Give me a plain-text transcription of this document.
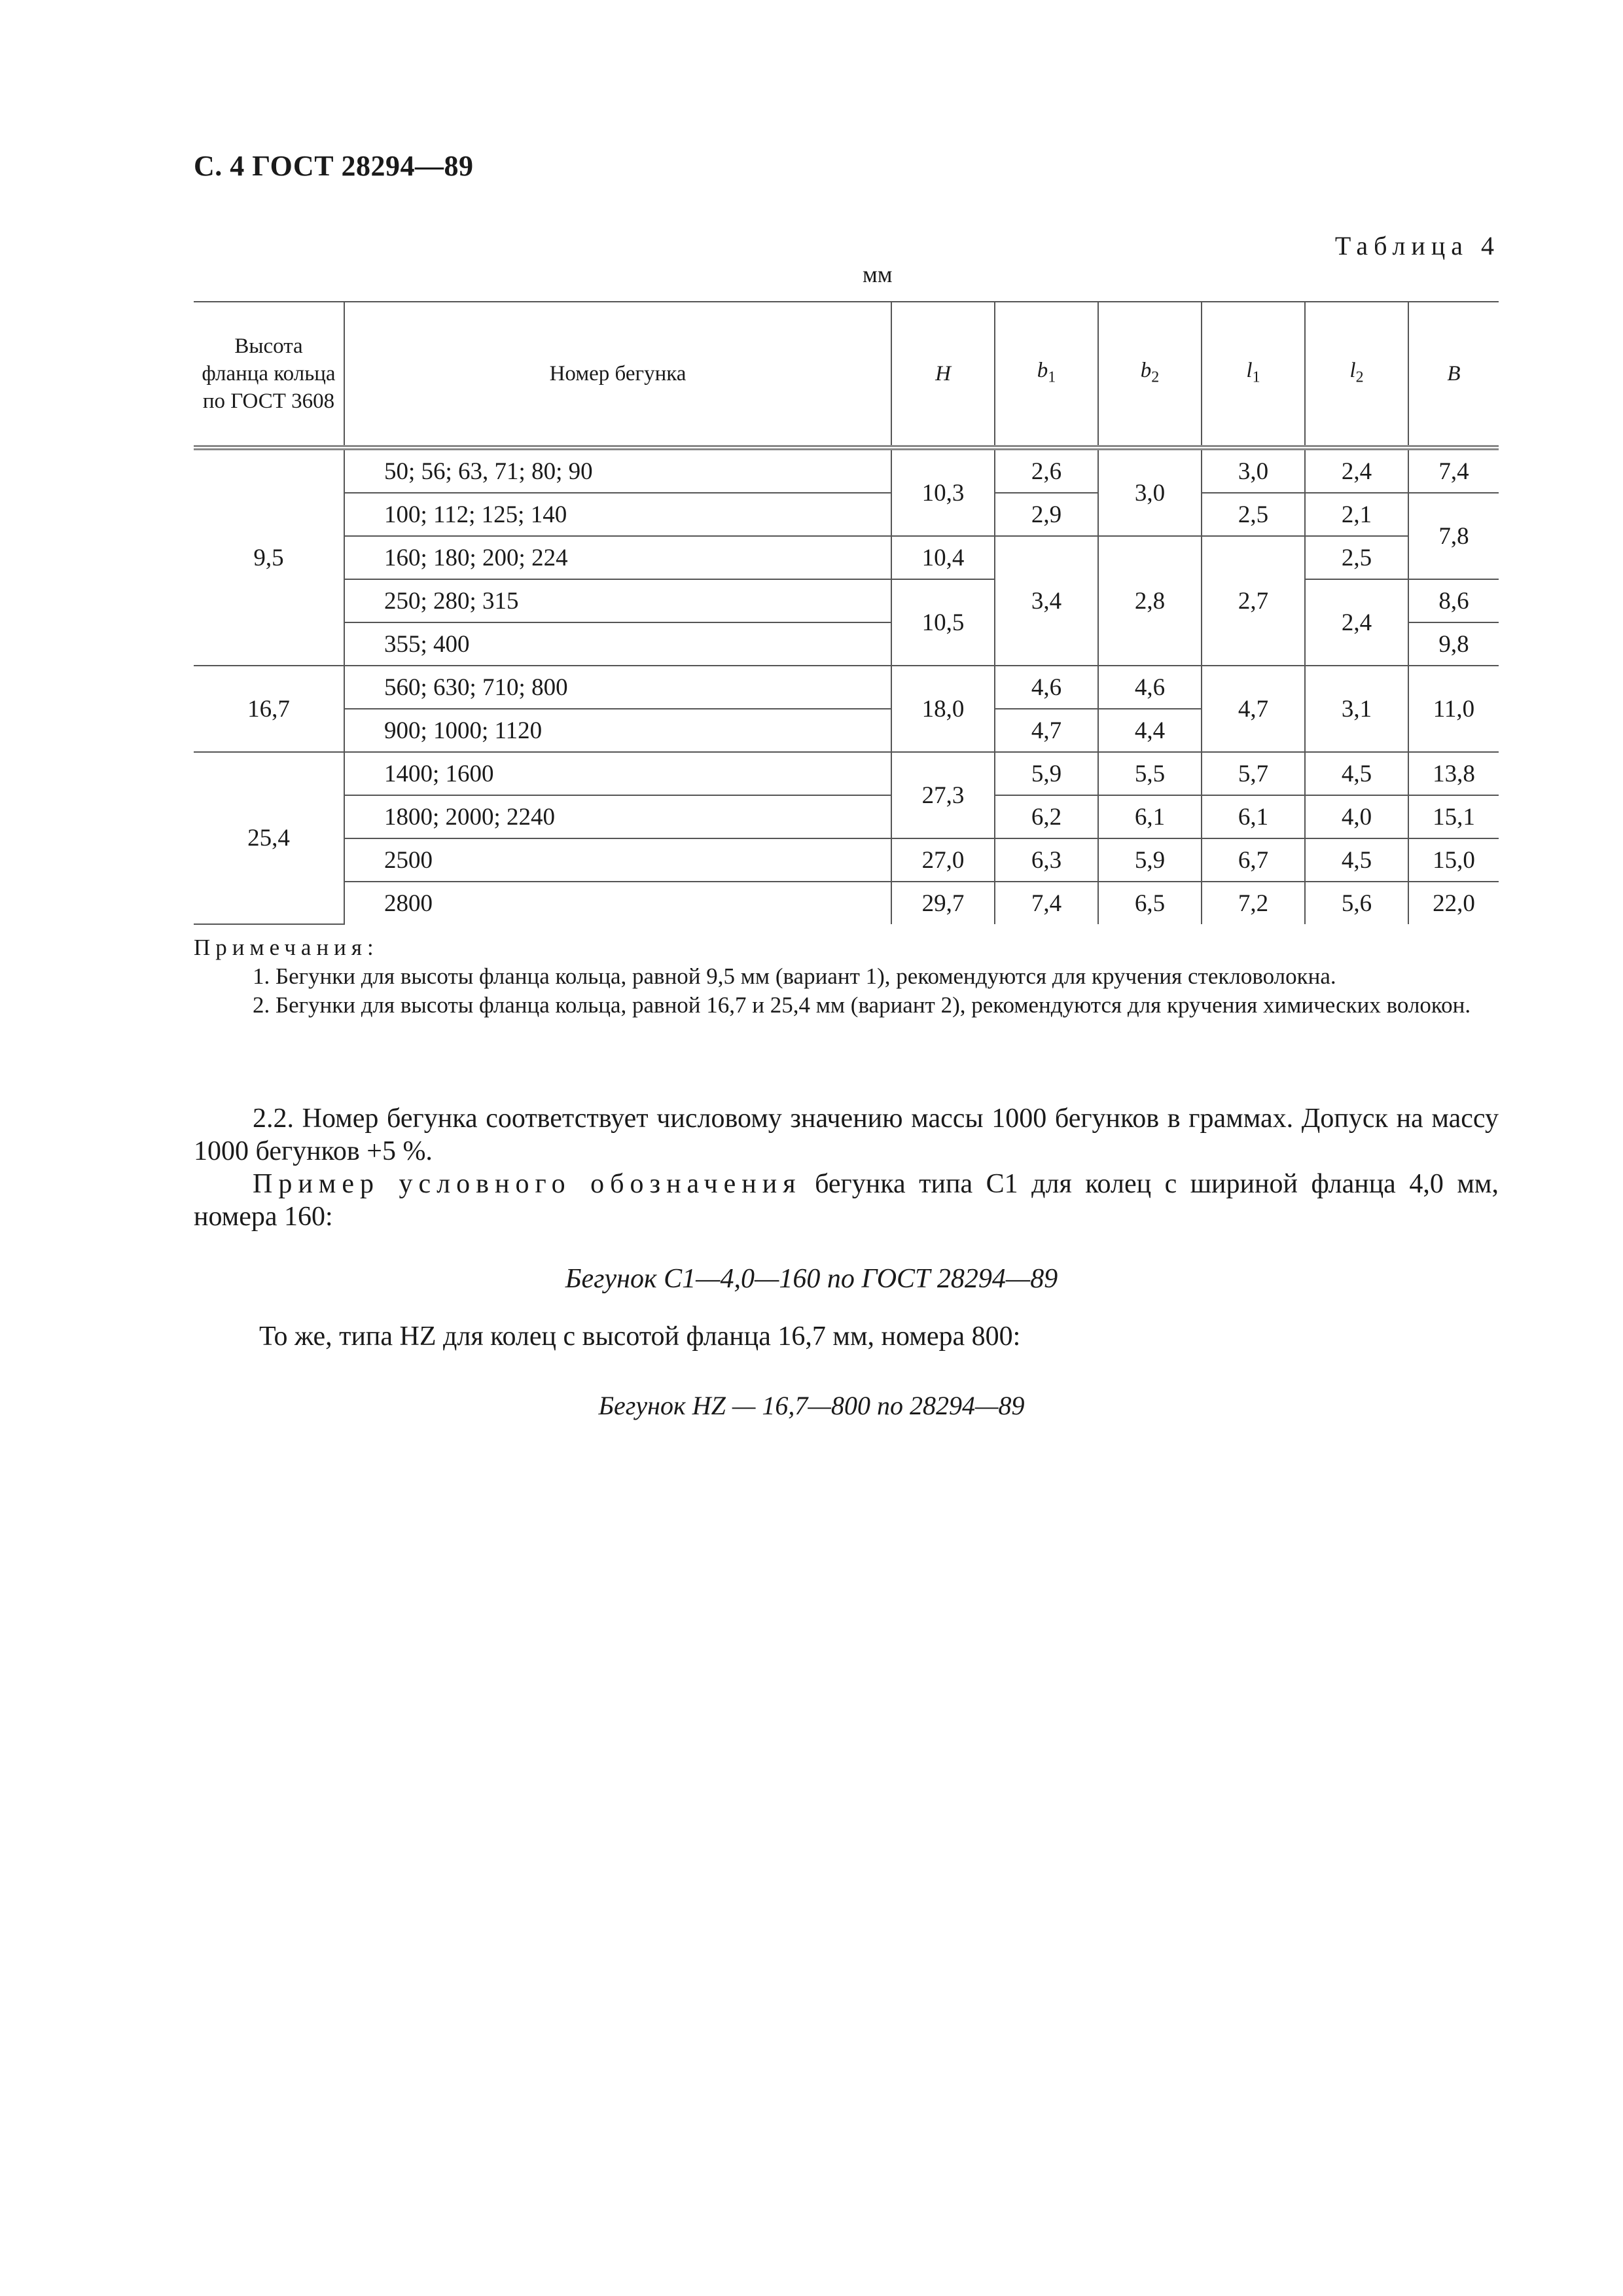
С. 4 ГОСТ 28294—89
Таблица 4
мм
Высота фланца кольца по ГОСТ 3608	Номер бегунка	H	$b_1$	$b_2$	$l_1$	$l_2$	B
9,5	50; 56; 63, 71; 80; 90	10,3	2,6	3,0	3,0	2,4	7,4
	100; 112; 125; 140		2,9		2,5	2,1	7,8
	160; 180; 200; 224	10,4	3,4	2,8	2,7	2,5	
	250; 280; 315	10,5				2,4	8,6
	355; 400						9,8
16,7	560; 630; 710; 800	18,0	4,6	4,6	4,7	3,1	11,0
	900; 1000; 1120		4,7	4,4			
25,4	1400; 1600	27,3	5,9	5,5	5,7	4,5	13,8
	1800; 2000; 2240		6,2	6,1	6,1	4,0	15,1
	2500	27,0	6,3	5,9	6,7	4,5	15,0
	2800	29,7	7,4	6,5	7,2	5,6	22,0
Примечания:

1. Бегунки для высоты фланца кольца, равной 9,5 мм (вариант 1), рекомендуются для кручения стекловолокна.

2. Бегунки для высоты фланца кольца, равной 16,7 и 25,4 мм (вариант 2), рекомендуются для кручения химических волокон.

2.2. Номер бегунка соответствует числовому значению массы 1000 бегунков в граммах. Допуск на массу 1000 бегунков +5 %.

Пример условного обозначения бегунка типа С1 для колец с шириной фланца 4,0 мм, номера 160:

Бегунок С1—4,0—160 по ГОСТ 28294—89
То же, типа HZ для колец с высотой фланца 16,7 мм, номера 800:
Бегунок HZ — 16,7—800 по 28294—89
